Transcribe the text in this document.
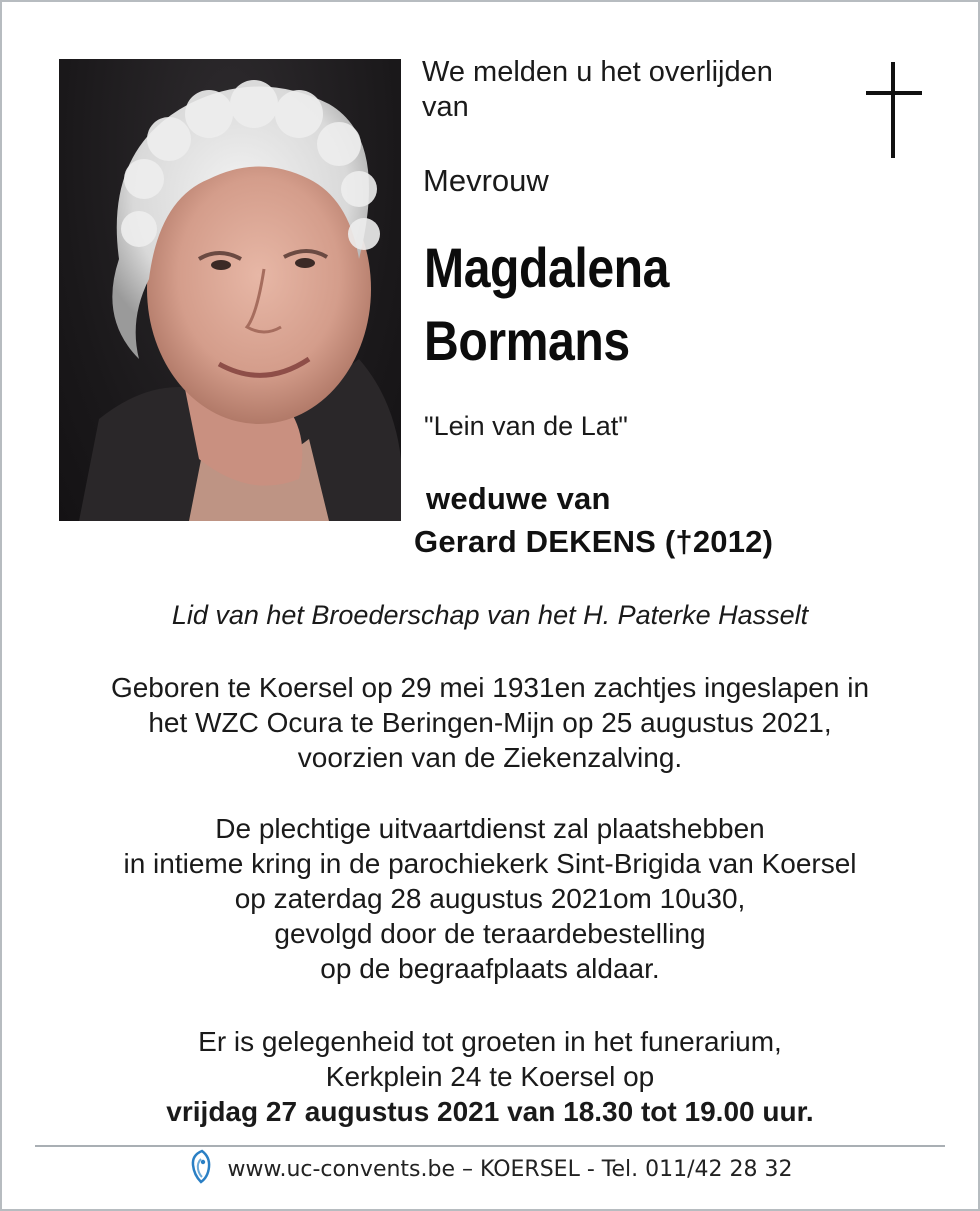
We melden u het overlijden
van
Mevrouw
Magdalena
Bormans
"Lein van de Lat"
weduwe van
Gerard DEKENS (†2012)
Lid van het Broederschap van het H. Paterke Hasselt
Geboren te Koersel op 29 mei 1931en zachtjes ingeslapen in
het WZC Ocura te Beringen-Mijn op 25 augustus 2021,
voorzien van de Ziekenzalving.
De plechtige uitvaartdienst zal plaatshebben
in intieme kring in de parochiekerk Sint-Brigida van Koersel
op zaterdag 28 augustus 2021om 10u30,
gevolgd door de teraardebestelling
op de begraafplaats aldaar.
Er is gelegenheid tot groeten in het funerarium,
Kerkplein 24 te Koersel op
vrijdag 27 augustus 2021 van 18.30 tot 19.00 uur.
www.uc-convents.be – KOERSEL - Tel. 011/42 28 32
